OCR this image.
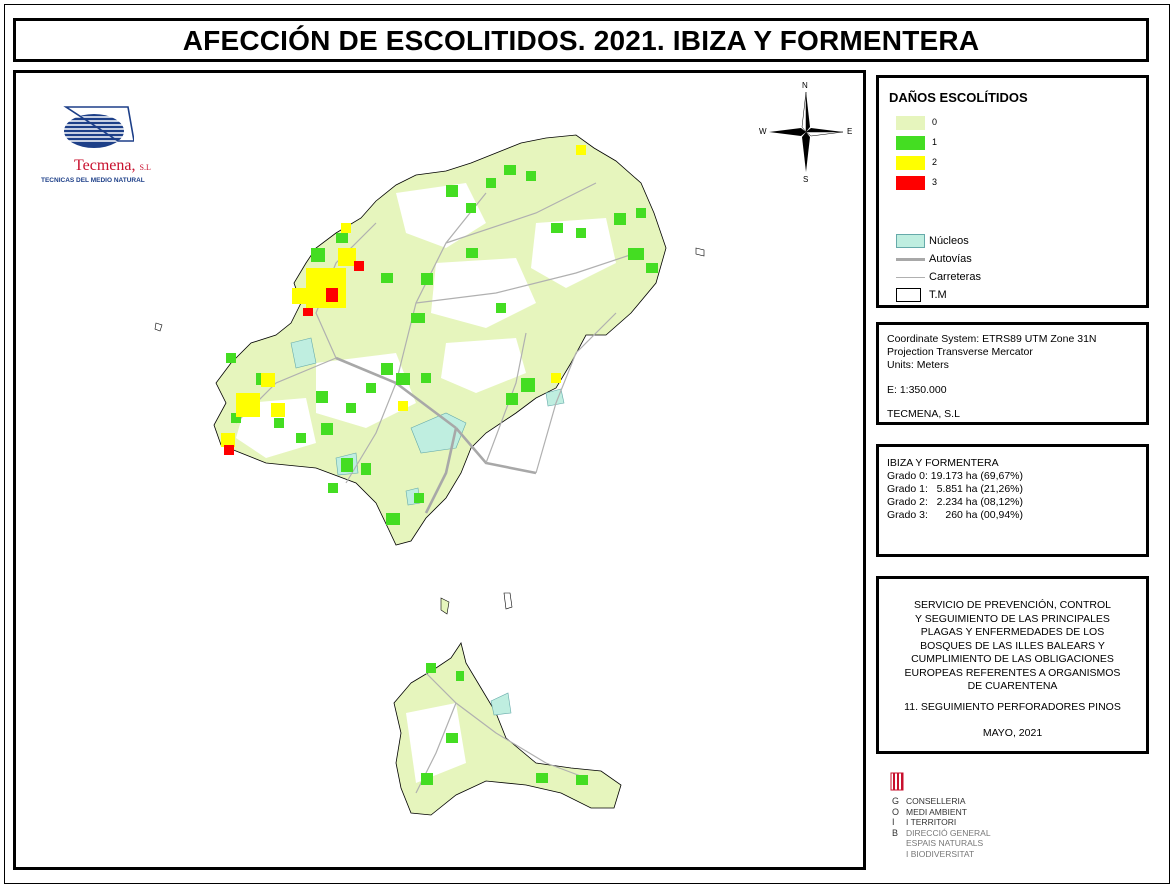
AFECCIÓN DE ESCOLITIDOS. 2021. IBIZA Y FORMENTERA
Tecmena, S.L
TECNICAS DEL MEDIO NATURAL
N
S
W	E
DAÑOS ESCOLÍTIDOS
0
1
2
3
Núcleos
Autovías
Carreteras
T.M
Coordinate System: ETRS89 UTM Zone 31N
Projection Transverse Mercator
Units: Meters
E: 1:350.000
TECMENA, S.L
IBIZA Y FORMENTERA
Grado 0: 19.173 ha (69,67%)
Grado 1:   5.851 ha (21,26%)
Grado 2:   2.234 ha (08,12%)
Grado 3:      260 ha (00,94%)
SERVICIO DE PREVENCIÓN, CONTROL
Y SEGUIMIENTO DE LAS PRINCIPALES
PLAGAS Y ENFERMEDADES DE LOS
BOSQUES DE LAS ILLES BALEARS Y
CUMPLIMIENTO DE LAS OBLIGACIONES
EUROPEAS REFERENTES A ORGANISMOS
DE CUARENTENA
11. SEGUIMIENTO PERFORADORES PINOS
MAYO, 2021
G
O
I
B
CONSELLERIA
MEDI AMBIENT
I TERRITORI
DIRECCIÓ GENERAL
ESPAIS NATURALS
I BIODIVERSITAT
